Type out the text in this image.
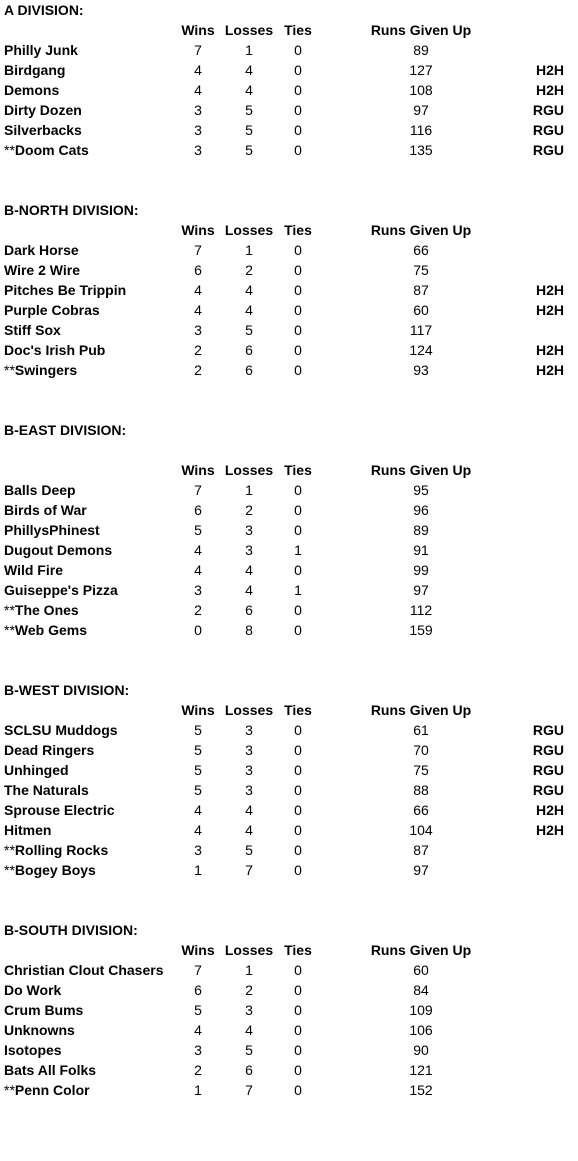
A DIVISION:
Wins Losses Ties	Runs Given Up
Philly Junk	7	1	0	89
Birdgang	4	4	0	127	H2H
Demons	4	4	0	108	H2H
Dirty Dozen	3	5	0	97	RGU
Silverbacks	3	5	0	116	RGU
**Doom Cats	3	5	0	135	RGU
B-NORTH DIVISION:
Wins Losses Ties	Runs Given Up
Dark Horse	7	1	0	66
Wire 2 Wire	6	2	0	75
Pitches Be Trippin	4	4	0	87	H2H
Purple Cobras	4	4	0	60	H2H
Stiff Sox	3	5	0	117
Doc's Irish Pub	2	6	0	124	H2H
**Swingers	2	6	0	93	H2H
B-EAST DIVISION:
Wins Losses Ties	Runs Given Up
Balls Deep	7	1	0	95
Birds of War	6	2	0	96
PhillysPhinest	5	3	0	89
Dugout Demons	4	3	1	91
Wild Fire	4	4	0	99
Guiseppe's Pizza	3	4	1	97
**The Ones	2	6	0	112
**Web Gems	0	8	0	159
B-WEST DIVISION:
Wins Losses Ties	Runs Given Up
SCLSU Muddogs	5	3	0	61	RGU
Dead Ringers	5	3	0	70	RGU
Unhinged	5	3	0	75	RGU
The Naturals	5	3	0	88	RGU
Sprouse Electric	4	4	0	66	H2H
Hitmen	4	4	0	104	H2H
**Rolling Rocks	3	5	0	87
**Bogey Boys	1	7	0	97
B-SOUTH DIVISION:
Wins Losses Ties	Runs Given Up
Christian Clout Chasers	7	1	0	60
Do Work	6	2	0	84
Crum Bums	5	3	0	109
Unknowns	4	4	0	106
Isotopes	3	5	0	90
Bats All Folks	2	6	0	121
**Penn Color	1	7	0	152
